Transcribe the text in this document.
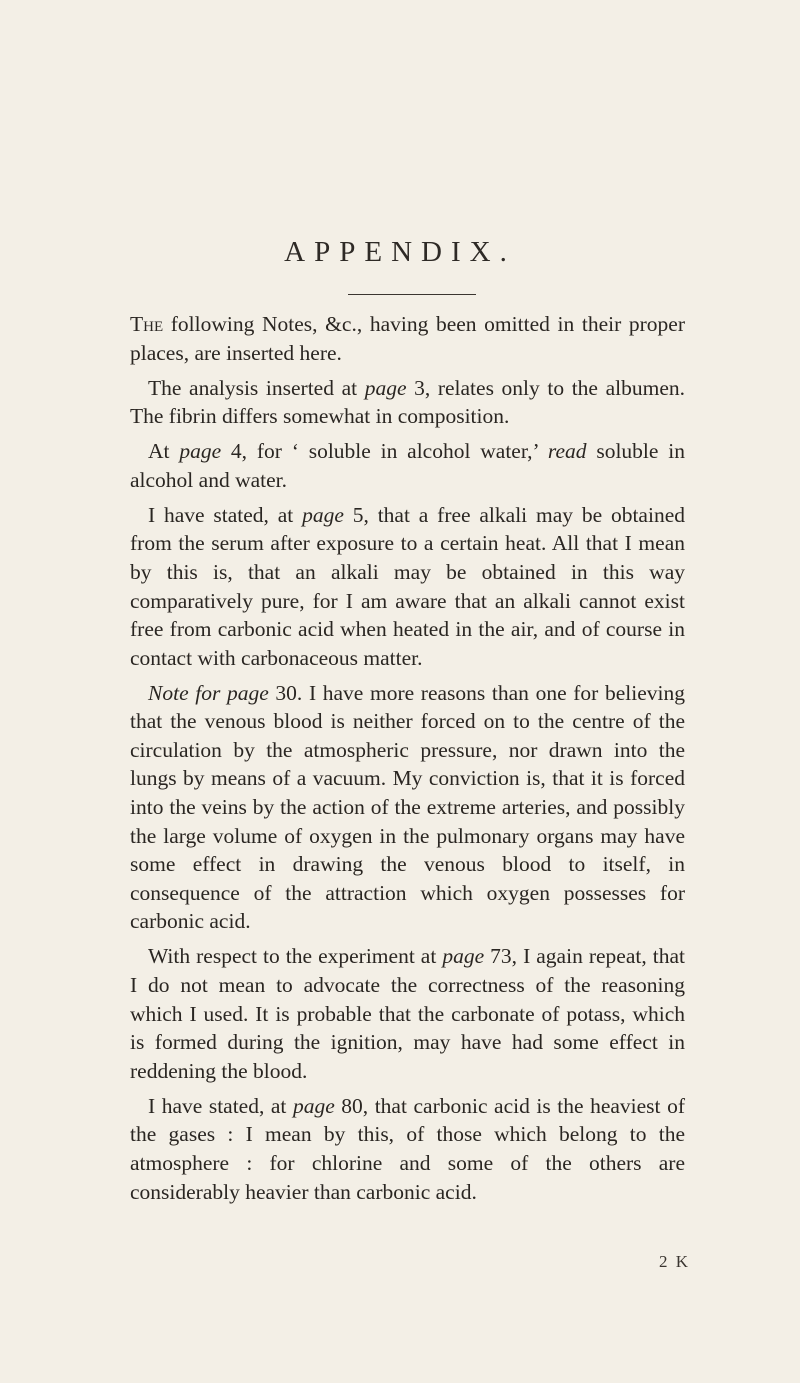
APPENDIX.

The following Notes, &c., having been omitted in their proper places, are inserted here.

The analysis inserted at page 3, relates only to the albumen. The fibrin differs somewhat in composition.

At page 4, for ‘ soluble in alcohol water,’ read soluble in alcohol and water.

I have stated, at page 5, that a free alkali may be obtained from the serum after exposure to a certain heat. All that I mean by this is, that an alkali may be obtained in this way comparatively pure, for I am aware that an alkali cannot exist free from carbonic acid when heated in the air, and of course in contact with carbonaceous matter.

Note for page 30. I have more reasons than one for believing that the venous blood is neither forced on to the centre of the circulation by the atmospheric pressure, nor drawn into the lungs by means of a vacuum. My conviction is, that it is forced into the veins by the action of the extreme arteries, and possibly the large volume of oxygen in the pulmonary organs may have some effect in drawing the venous blood to itself, in consequence of the attraction which oxygen possesses for carbonic acid.

With respect to the experiment at page 73, I again repeat, that I do not mean to advocate the correctness of the reasoning which I used. It is probable that the carbonate of potass, which is formed during the ignition, may have had some effect in reddening the blood.

I have stated, at page 80, that carbonic acid is the heaviest of the gases : I mean by this, of those which belong to the atmosphere : for chlorine and some of the others are considerably heavier than carbonic acid.

2 K
